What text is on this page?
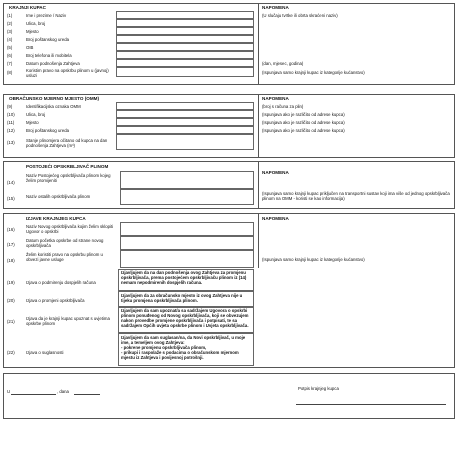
KRAJNJI KUPAC	NAPOMENA
(1)	Ime i prezime / Naziv	(U slučaju tvrtke ili obrta skraćeni naziv)
(2)	Ulica, broj
(3)	Mjesto
(4)	Broj poštanskog ureda
(5)	OIB
(6)	Broj telefona ili mobitela
(7)	Datum podnošenja Zahtjeva	(dan, mjesec, godina)
(8)	Koristim pravo na opskrbu plinom u (javnoj) usluzi
(Ispunjava samo krajnji kupac iz kategorije kućanstvo)
OBRAČUNSKO MJERNO MJESTO (OMM)	NAPOMENA
(9)	Identifikacijska oznaka OMM	(broj s računa za plin)
(10)	Ulica, broj	(Ispunjava ako je različito od adrese kupca)
(11)	Mjesto	(Ispunjava ako je različito od adrese kupca)
(12)	Broj poštanskog ureda	(Ispunjava ako je različito od adrese kupca)
(13)	Stanje plinomjera očitano od kupca na dan podnošenja Zahtjeva (m³)
POSTOJEĆI OPSKRBLJIVAČ PLINOM
NAPOMENA
(14)
Naziv Postojećeg opskrbljivača plinom kojeg želim promijeniti
(15)	Naziv ostalih opskrbljivača plinom
(Ispunjava samo krajnji kupac priključen na transportni sustav koji ima više od jednog opskrbljivača plinom na OMM - koristi se kao informacija)
IZJAVE KRAJNJEG KUPCA	NAPOMENA
(16)
Naziv Novog opskrbljivača kojim želim sklopiti Ugovor o opskrbi
(17)
Datum početka opskrbe od strane novog opskrbljivača
(18)
Želim koristiti pravo na opskrbu plinom u obvezi javne usluge	(Ispunjava samo krajnji kupac iz kategorije kućanstvo)
(19)	Izjava o podmirenju dospjelih računa
Izjavljujem da na dan podnošenja ovog Zahtjeva za promjenu opskrbljivača, prema postojećem opskrbljivaču plinom iz (14) nemam nepodmirenih dospjelih računa.
(20)	Izjava o promjeni opskrbljivača
Izjavljujem da za obračunsko mjesto iz ovog Zahtjeva nije u tijeku promjena opskrbljivača plinom.
(21)
Izjava da je krajnji kupac upoznat s uvjetima opskrbe plinom
Izjavljujem da sam upoznat/a sa sadržajem Ugovora o opskrbi plinom ponuđenog od Novog opskrbljivača, koji se obvezujem nakon provedbe promjene opskrbljivača i potpisati, te sa sadržajem Općih uvjeta opskrbe plinom i Uvjeta opskrbljivača.
(22)	Izjava o suglasnosti
Izjavljujem da sam suglasan/na, da Novi opskrbljivač, u moje ime, a temeljem ovog Zahtjeva:
- pokrene promjenu opskrbljivača plinom,
- prikupi i raspolaže s podacima o obračunskom mjernom mjestu iz Zahtjeva i povijesnoj potrošnji.
U	, dana
Potpis krajnjeg kupca
